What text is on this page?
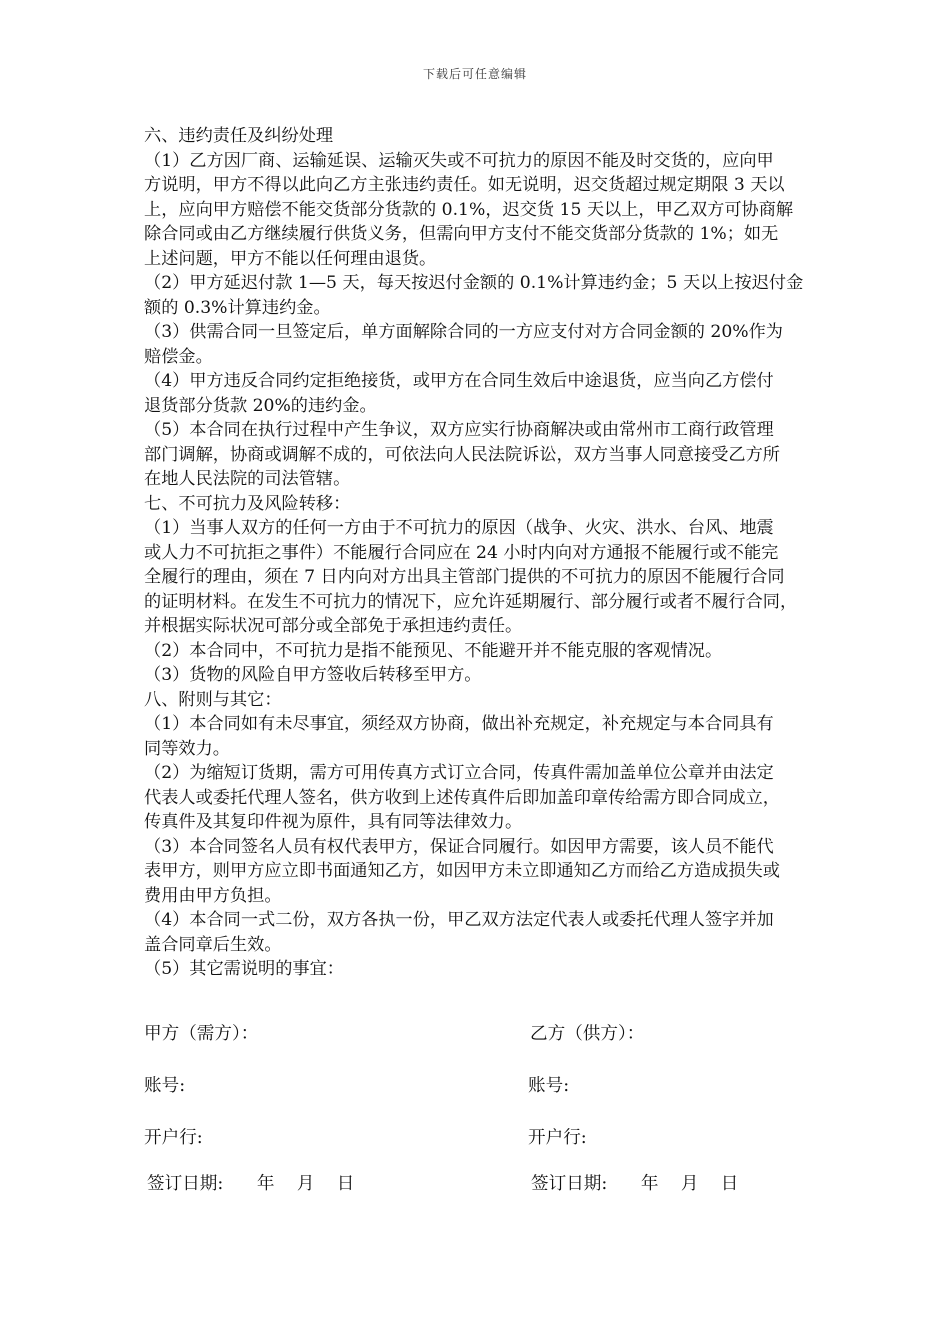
下载后可任意编辑

六、违约责任及纠纷处理

（1）乙方因厂商、运输延误、运输灭失或不可抗力的原因不能及时交货的，应向甲

方说明，甲方不得以此向乙方主张违约责任。如无说明，迟交货超过规定期限 3 天以

上，应向甲方赔偿不能交货部分货款的 0.1%，迟交货 15 天以上，甲乙双方可协商解

除合同或由乙方继续履行供货义务，但需向甲方支付不能交货部分货款的 1%；如无

上述问题，甲方不能以任何理由退货。

（2）甲方延迟付款 1—5 天，每天按迟付金额的 0.1%计算违约金；5 天以上按迟付金

额的 0.3%计算违约金。

（3）供需合同一旦签定后，单方面解除合同的一方应支付对方合同金额的 20%作为

赔偿金。

（4）甲方违反合同约定拒绝接货，或甲方在合同生效后中途退货，应当向乙方偿付

退货部分货款 20%的违约金。

（5）本合同在执行过程中产生争议，双方应实行协商解决或由常州市工商行政管理

部门调解，协商或调解不成的，可依法向人民法院诉讼，双方当事人同意接受乙方所

在地人民法院的司法管辖。

七、不可抗力及风险转移：

（1）当事人双方的任何一方由于不可抗力的原因（战争、火灾、洪水、台风、地震

或人力不可抗拒之事件）不能履行合同应在 24 小时内向对方通报不能履行或不能完

全履行的理由，须在 7 日内向对方出具主管部门提供的不可抗力的原因不能履行合同

的证明材料。在发生不可抗力的情况下，应允许延期履行、部分履行或者不履行合同，

并根据实际状况可部分或全部免于承担违约责任。

（2）本合同中，不可抗力是指不能预见、不能避开并不能克服的客观情况。

（3）货物的风险自甲方签收后转移至甲方。

八、附则与其它：

（1）本合同如有未尽事宜，须经双方协商，做出补充规定，补充规定与本合同具有

同等效力。

（2）为缩短订货期，需方可用传真方式订立合同，传真件需加盖单位公章并由法定

代表人或委托代理人签名，供方收到上述传真件后即加盖印章传给需方即合同成立，

传真件及其复印件视为原件，具有同等法律效力。

（3）本合同签名人员有权代表甲方，保证合同履行。如因甲方需要，该人员不能代

表甲方，则甲方应立即书面通知乙方，如因甲方未立即通知乙方而给乙方造成损失或

费用由甲方负担。

（4）本合同一式二份，双方各执一份，甲乙双方法定代表人或委托代理人签字并加

盖合同章后生效。

（5）其它需说明的事宜：

甲方（需方）：	乙方（供方）：
账号:	账号:
开户行:	开户行:
签订日期:      年    月    日	签订日期:      年    月    日
